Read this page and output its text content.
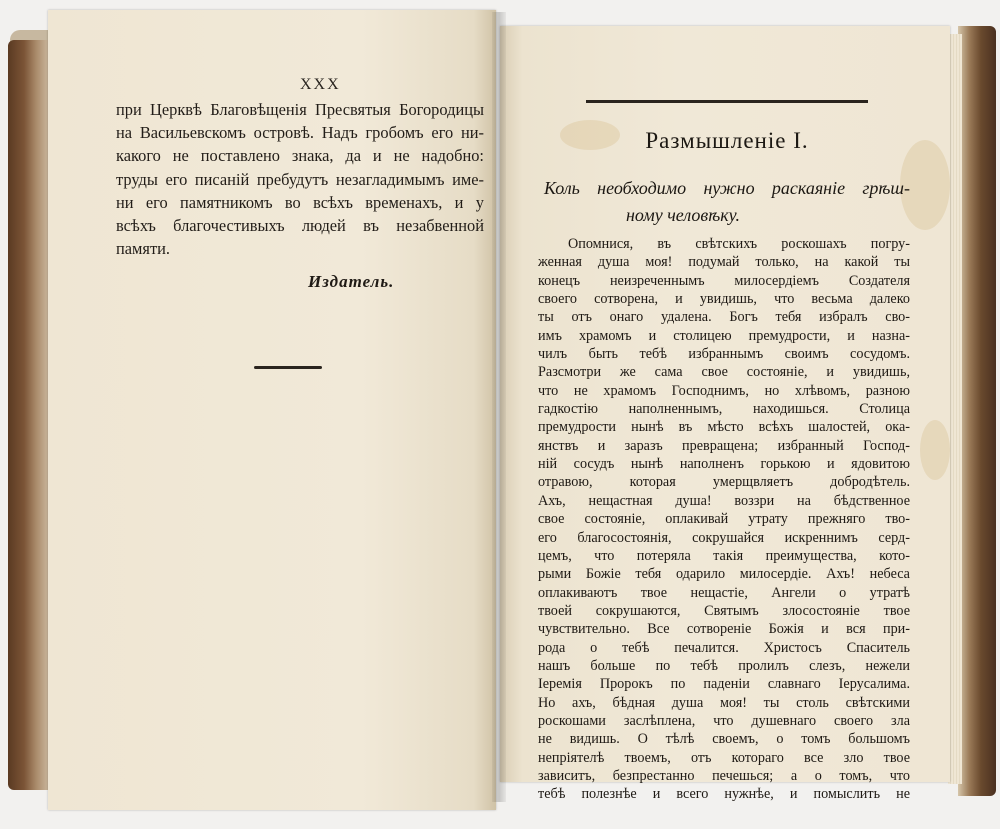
XXX
при Церквѣ Благовѣщенія Пресвятыя Богородицы
на Васильевскомъ островѣ. Надъ гробомъ его ни-
какого не поставлено знака, да и не надобно:
труды его писаній пребудутъ незагладимымъ име-
ни его памятникомъ во всѣхъ временахъ, и у
всѣхъ благочестивыхъ людей въ незабвенной
памяти.
Издатель.
Размышленіе I.
Коль необходимо нужно раскаяніе грѣш-
ному человѣку.
Опомнися, въ свѣтскихъ роскошахъ погру-
женная душа моя! подумай только, на какой ты
конецъ неизреченнымъ милосердіемъ Создателя
своего сотворена, и увидишь, что весьма далеко
ты отъ онаго удалена. Богъ тебя избралъ сво-
имъ храмомъ и столицею премудрости, и назна-
чилъ быть тебѣ избраннымъ своимъ сосудомъ.
Разсмотри же сама свое состояніе, и увидишь,
что не храмомъ Господнимъ, но хлѣвомъ, разною
гадкостію наполненнымъ, находишься. Столица
премудрости нынѣ въ мѣсто всѣхъ шалостей, ока-
янствъ и заразъ превращена; избранный Господ-
ній сосудъ нынѣ наполненъ горькою и ядовитою
отравою, которая умерщвляетъ добродѣтель.
Ахъ, нещастная душа! воззри на бѣдственное
свое состояніе, оплакивай утрату прежняго тво-
его благосостоянія, сокрушайся искреннимъ серд-
цемъ, что потеряла такія преимущества, кото-
рыми Божіе тебя одарило милосердіе. Ахъ! небеса
оплакиваютъ твое нещастіе, Ангели о утратѣ
твоей сокрушаются, Святымъ злосостояніе твое
чувствительно. Все сотвореніе Божія и вся при-
рода о тебѣ печалится. Христосъ Спаситель
нашъ больше по тебѣ пролилъ слезъ, нежели
Іеремія Пророкъ по паденіи славнаго Іерусалима.
Но ахъ, бѣдная душа моя! ты столь свѣтскими
роскошами заслѣплена, что душевнаго своего зла
не видишь. О тѣлѣ своемъ, о томъ большомъ
непріятелѣ твоемъ, отъ котораго все зло твое
зависитъ, безпрестанно печешься; а о томъ, что
тебѣ полезнѣе и всего нужнѣе, и помыслить не
